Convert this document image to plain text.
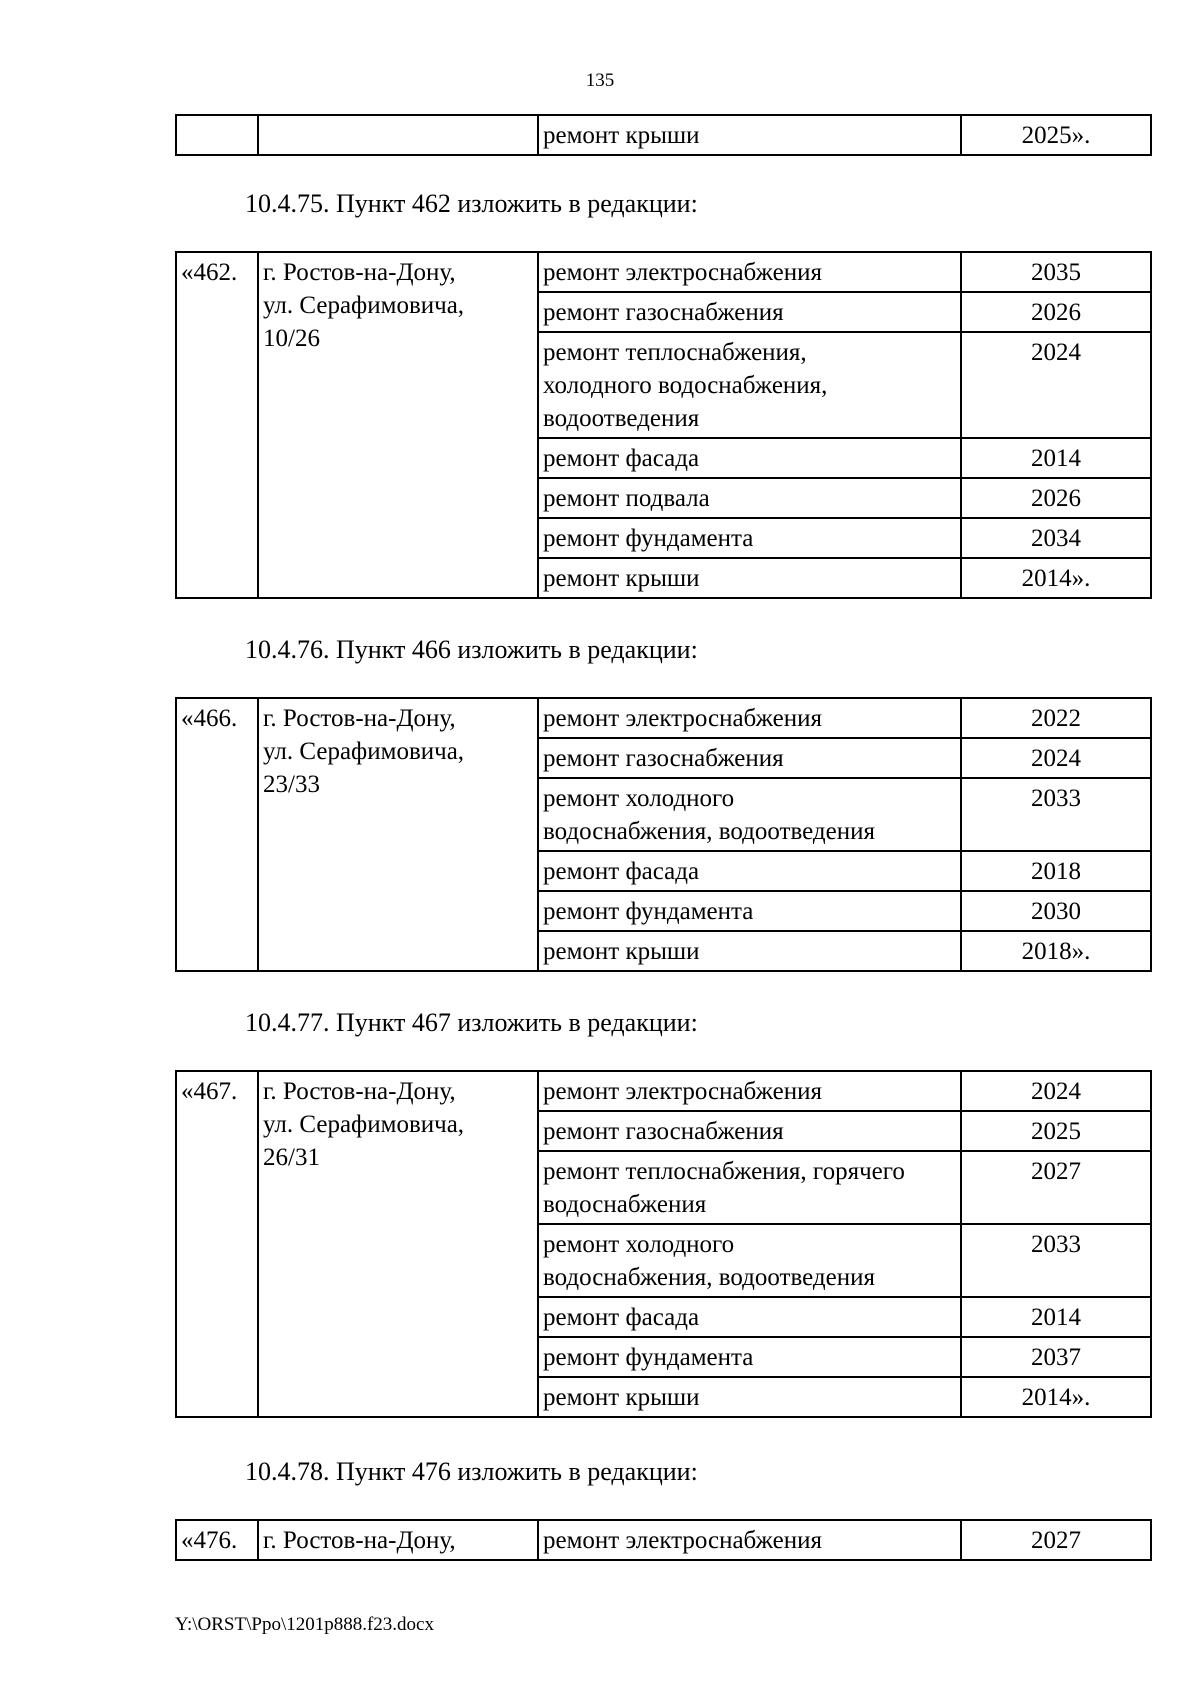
135
		ремонт крыши	2025».
10.4.75. Пункт 462 изложить в редакции:
«462.	г. Ростов-на-Дону,
ул. Серафимовича,
10/26	ремонт электроснабжения	2035
		ремонт газоснабжения	2026

		ремонт теплоснабжения,
холодного водоснабжения,
водоотведения	2024
		ремонт фасада	2014
		ремонт подвала	2026
		ремонт фундамента	2034
		ремонт крыши	2014».
10.4.76. Пункт 466 изложить в редакции:
«466.	г. Ростов-на-Дону,
ул. Серафимовича,
23/33	ремонт электроснабжения	2022
		ремонт газоснабжения	2024

		ремонт холодного
водоснабжения, водоотведения	2033
		ремонт фасада	2018
		ремонт фундамента	2030
		ремонт крыши	2018».
10.4.77. Пункт 467 изложить в редакции:
«467.	г. Ростов-на-Дону,
ул. Серафимовича,
26/31	ремонт электроснабжения	2024
		ремонт газоснабжения	2025

		ремонт теплоснабжения, горячего
водоснабжения	2027

		ремонт холодного
водоснабжения, водоотведения	2033
		ремонт фасада	2014
		ремонт фундамента	2037
		ремонт крыши	2014».
10.4.78. Пункт 476 изложить в редакции:
«476.	г. Ростов-на-Дону,	ремонт электроснабжения	2027
Y:\ORST\Ppo\1201p888.f23.docx
